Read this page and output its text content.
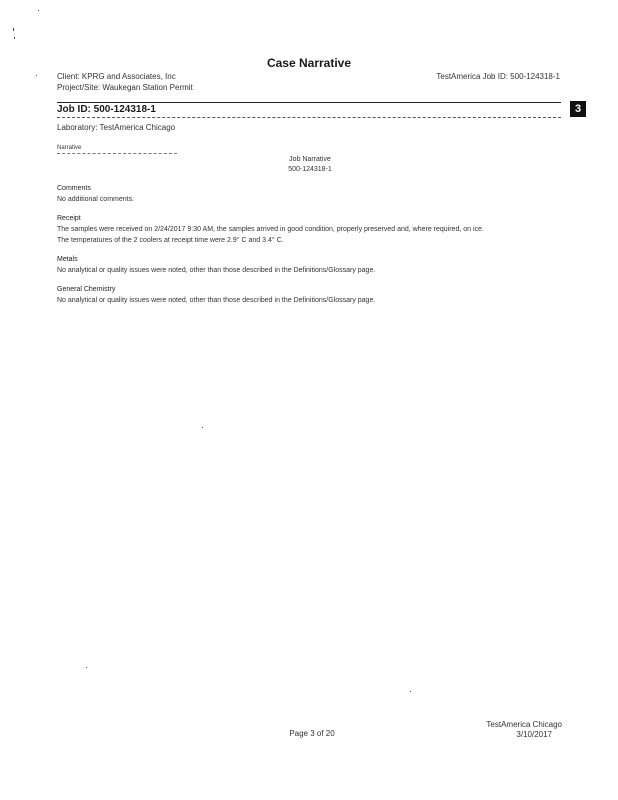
Case Narrative
Client: KPRG and Associates, Inc
Project/Site: Waukegan Station Permit
TestAmerica Job ID: 500-124318-1
Job ID: 500-124318-1	3
Laboratory: TestAmerica Chicago
Narrative
Job Narrative
500-124318-1
Comments
No additional comments.
Receipt
The samples were received on 2/24/2017 9:30 AM, the samples arrived in good condition, properly preserved and, where required, on ice.
The temperatures of the 2 coolers at receipt time were 2.9° C and 3.4° C.
Metals
No analytical or quality issues were noted, other than those described in the Definitions/Glossary page.
General Chemistry
No analytical or quality issues were noted, other than those described in the Definitions/Glossary page.
Page 3 of 20
TestAmerica Chicago
3/10/2017
